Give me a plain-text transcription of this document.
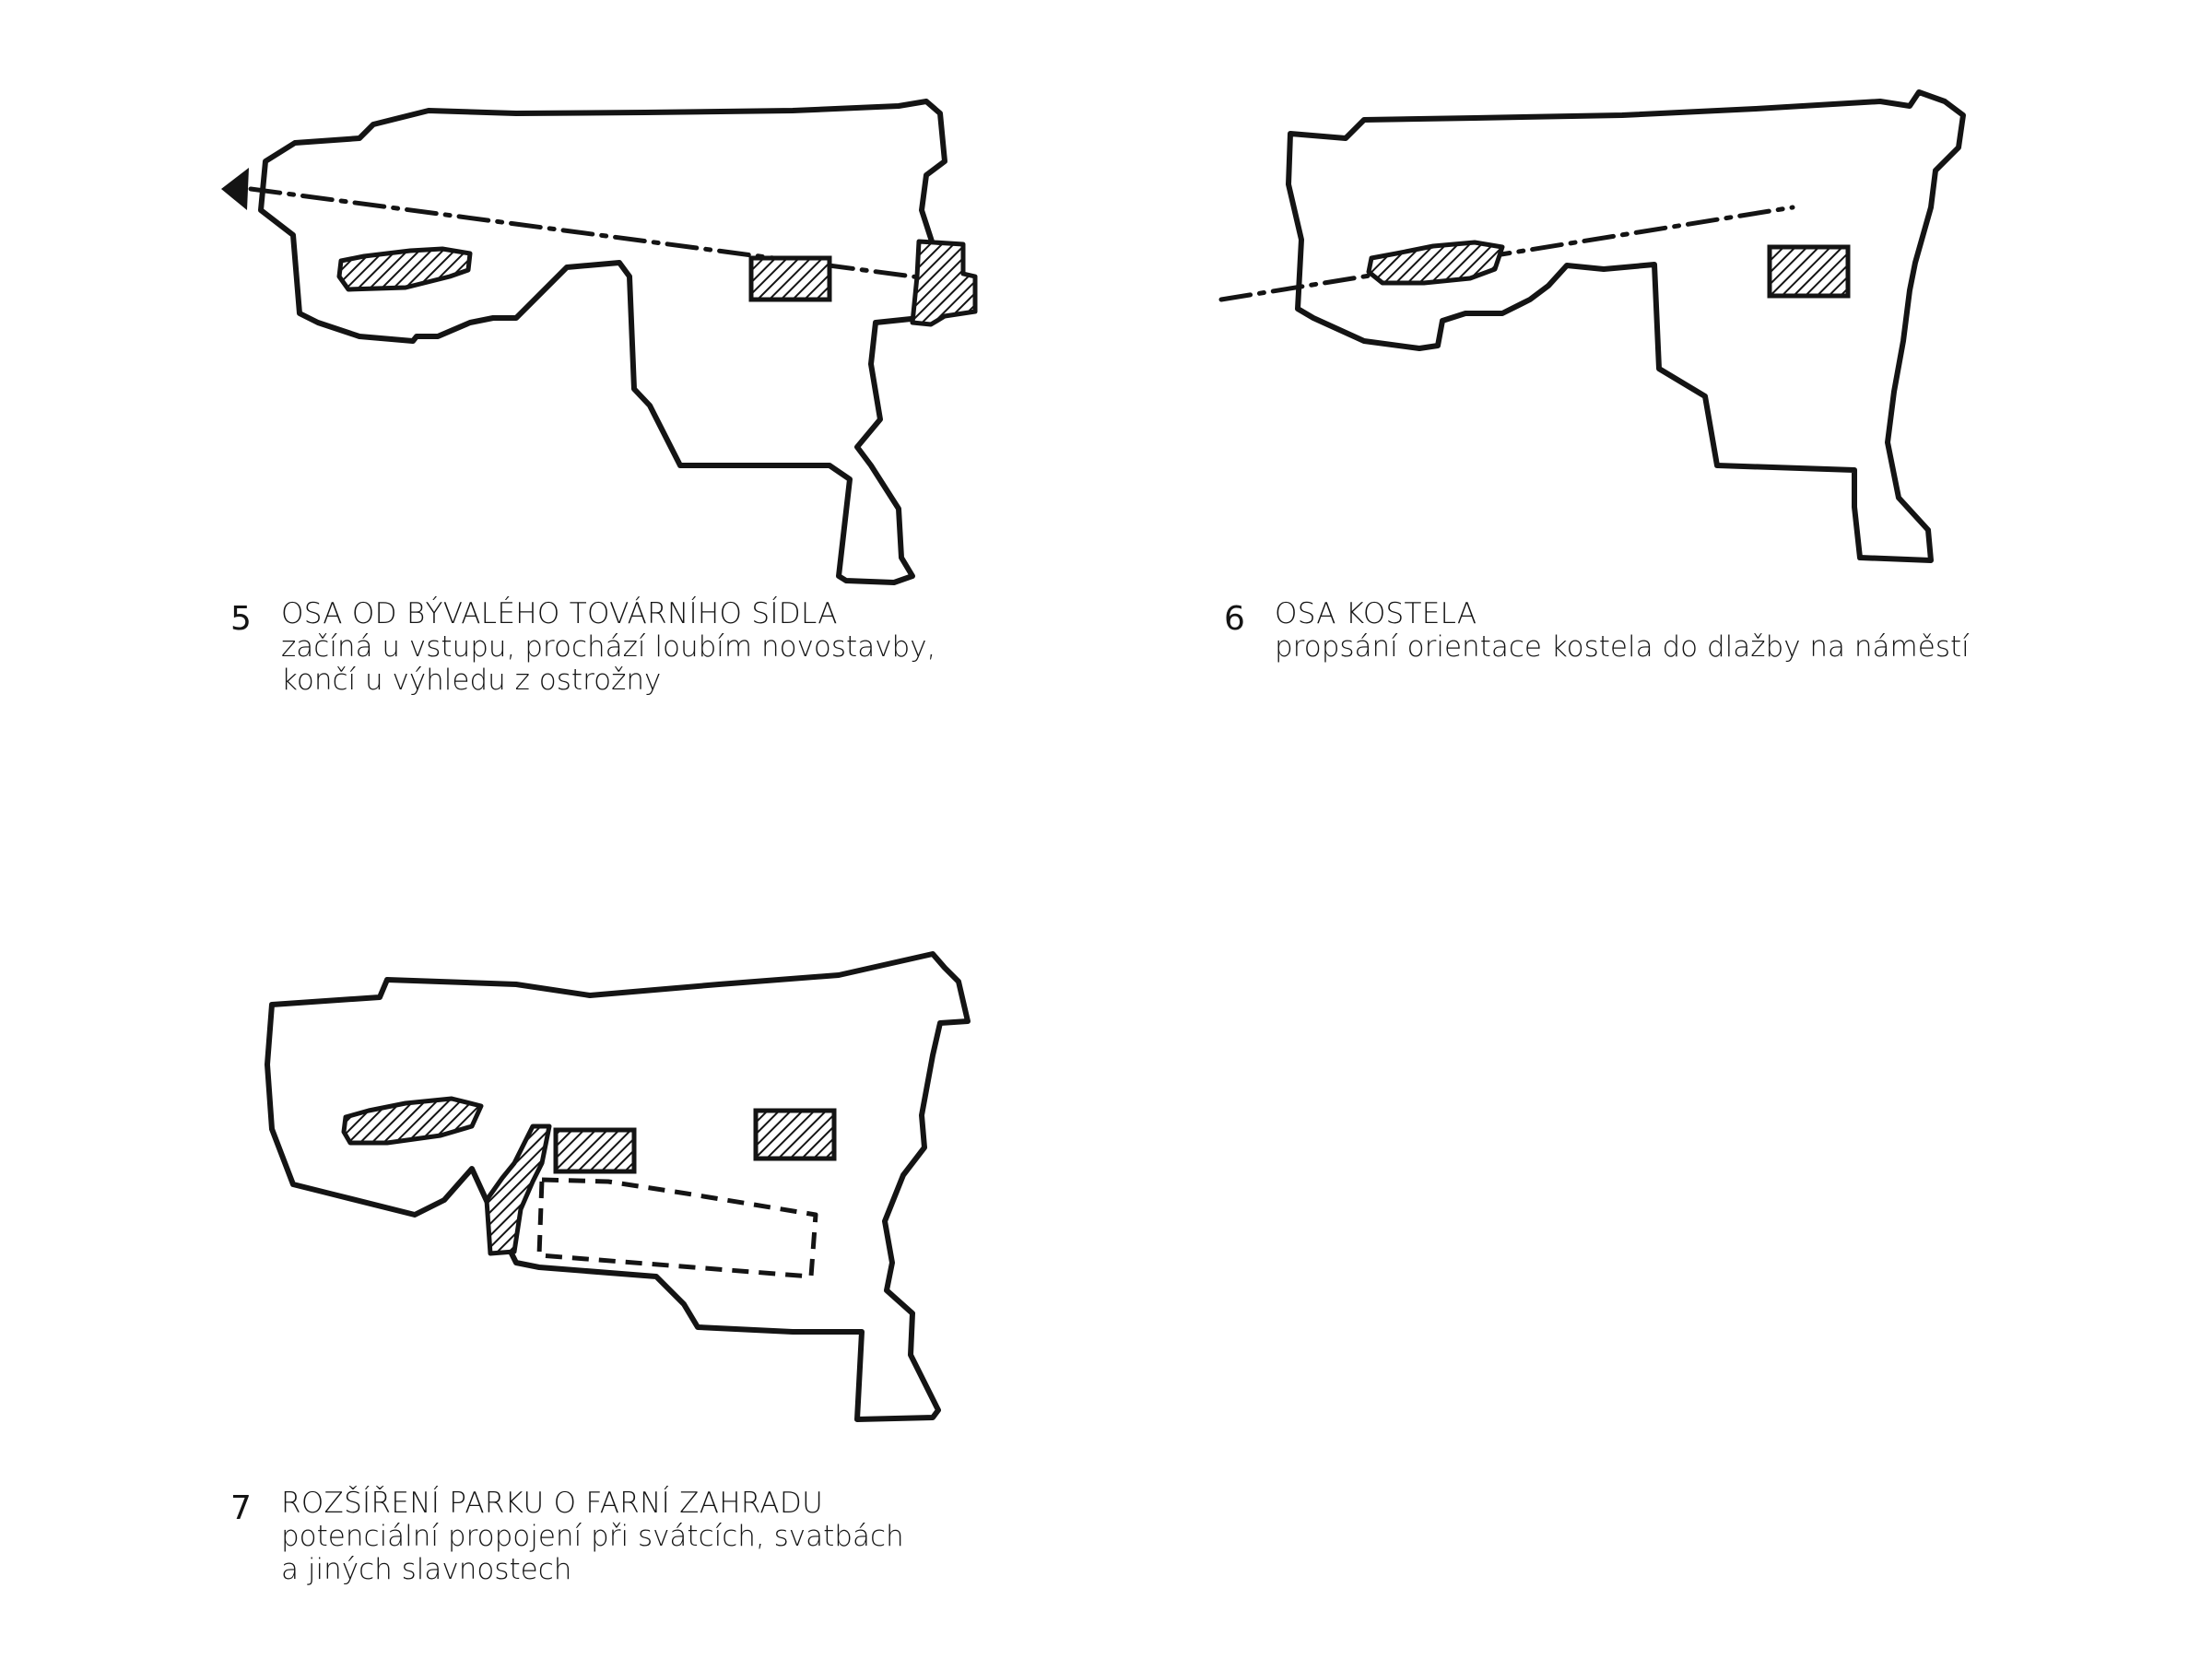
5 OSA OD BÝVALÉHO TOVÁRNÍHO SÍDLA
začíná u vstupu, prochází loubím novostavby,
končí u výhledu z ostrožny
6 OSA KOSTELA
propsání orientace kostela do dlažby na náměstí
7 ROZŠÍŘENÍ PARKU O FARNÍ ZAHRADU
potenciální propojení při svátcích, svatbách
a jiných slavnostech
